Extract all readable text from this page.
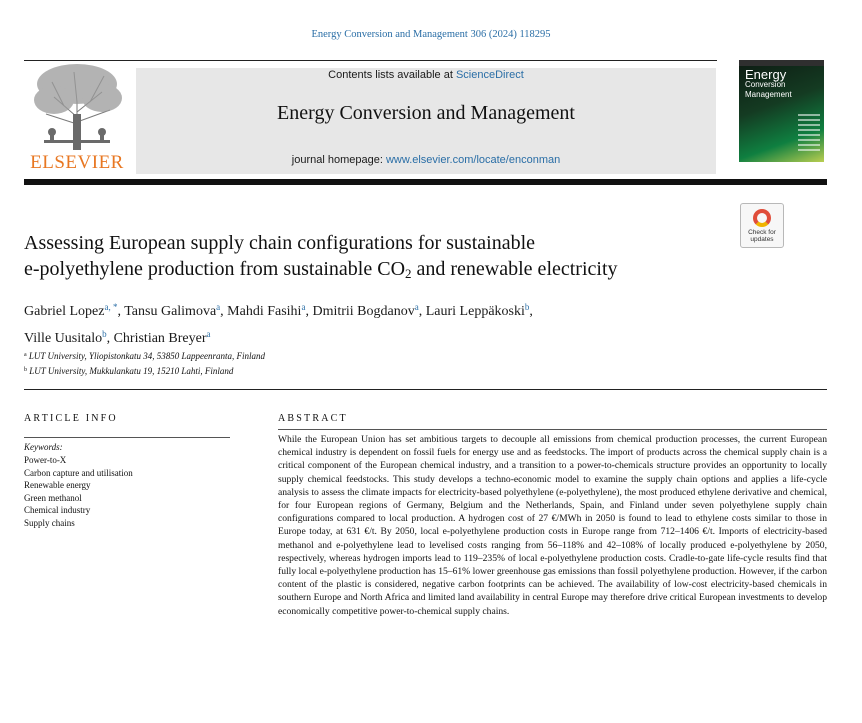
Energy Conversion and Management 306 (2024) 118295
ELSEVIER
Contents lists available at ScienceDirect
Energy Conversion and Management
journal homepage: www.elsevier.com/locate/enconman
Energy
Conversion
Management
Check for
updates
Assessing European supply chain configurations for sustainable
e-polyethylene production from sustainable $CO_2$ and renewable electricity
Gabriel Lopez$^{a, *}$, Tansu Galimova$^a$, Mahdi Fasihi$^a$, Dmitrii Bogdanov$^a$, Lauri Leppäkoski$^b$,
Ville Uusitalo$^b$, Christian Breyer$^a$
$^a$ LUT University, Yliopistonkatu 34, 53850 Lappeenranta, Finland
$^b$ LUT University, Mukkulankatu 19, 15210 Lahti, Finland
ARTICLE INFO
Keywords:
Power-to-X
Carbon capture and utilisation
Renewable energy
Green methanol
Chemical industry
Supply chains
ABSTRACT
While the European Union has set ambitious targets to decouple all emissions from chemical production processes, the current European chemical industry is dependent on fossil fuels for energy use and as feedstocks. The import of products across the chemical supply chain is a critical component of the European chemical industry, and a transition to a power-to-chemicals structure provides an opportunity to locally supply chemical feedstocks. This study develops a techno-economic model to examine the supply chain options and applies a life-cycle analysis to assess the climate impacts for electricity-based polyethylene (e-polyethylene), the most produced ethylene derivative and chemical, for four European regions of Germany, Belgium and the Netherlands, Spain, and Finland under seven polyethylene supply chain configurations compared to local production. A hydrogen cost of 27 €/MWh in 2050 is found to lead to ethylene costs similar to those in Europe today, at 631 €/t. By 2050, local e-polyethylene production costs in Europe range from 712–1406 €/t. Imports of electricity-based methanol and e-polyethylene lead to levelised costs ranging from 56–118% and 42–108% of locally produced e-polyethylene by 2050, respectively, whereas hydrogen imports lead to 119–235% of local e-polyethylene production costs. Cradle-to-gate life-cycle results find that fully local e-polyethylene production has 15–61% lower greenhouse gas emissions than fossil polyethylene production. However, if the carbon content of the plastic is considered, negative carbon footprints can be achieved. The availability of low-cost electricity-based chemicals in southern Europe and North Africa and limited land availability in central Europe may therefore drive critical European investments to develop economically competitive power-to-chemical supply chains.
